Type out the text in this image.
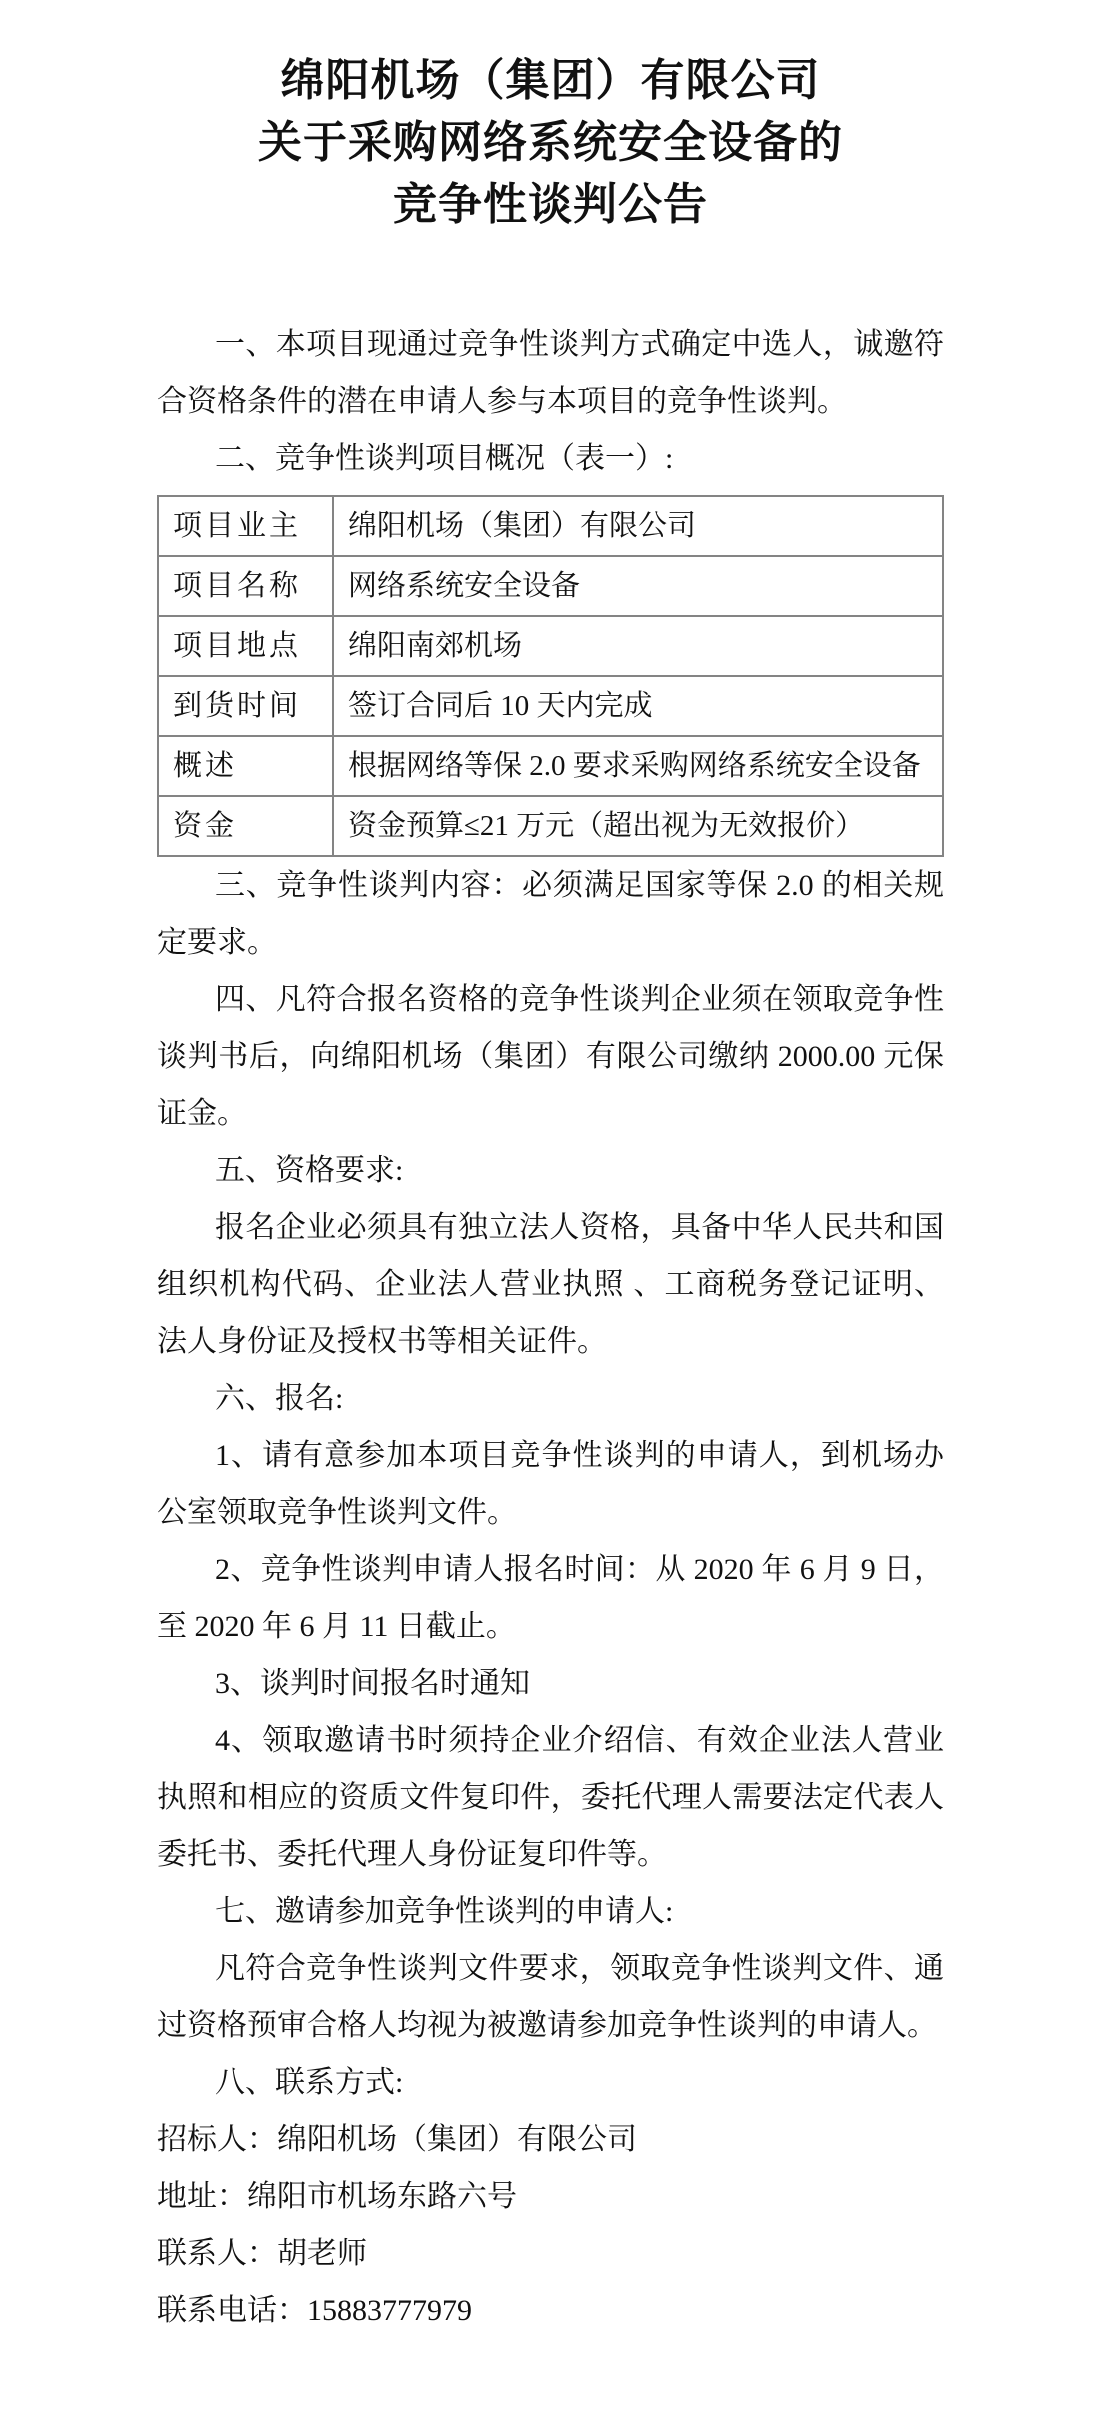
绵阳机场（集团）有限公司
关于采购网络系统安全设备的
竞争性谈判公告

一、本项目现通过竞争性谈判方式确定中选人，诚邀符合资格条件的潜在申请人参与本项目的竞争性谈判。

二、竞争性谈判项目概况（表一）:

项目业主	绵阳机场（集团）有限公司
项目名称	网络系统安全设备
项目地点	绵阳南郊机场
到货时间	签订合同后 10 天内完成
概述	根据网络等保 2.0 要求采购网络系统安全设备
资金	资金预算≤21 万元（超出视为无效报价）

三、竞争性谈判内容：必须满足国家等保 2.0 的相关规定要求。

四、凡符合报名资格的竞争性谈判企业须在领取竞争性谈判书后，向绵阳机场（集团）有限公司缴纳 2000.00 元保证金。

五、资格要求:

报名企业必须具有独立法人资格，具备中华人民共和国组织机构代码、企业法人营业执照 、工商税务登记证明、法人身份证及授权书等相关证件。

六、报名:

1、请有意参加本项目竞争性谈判的申请人，到机场办公室领取竞争性谈判文件。

2、竞争性谈判申请人报名时间：从 2020 年 6 月 9 日，至 2020 年 6 月 11 日截止。

3、谈判时间报名时通知

4、领取邀请书时须持企业介绍信、有效企业法人营业执照和相应的资质文件复印件，委托代理人需要法定代表人委托书、委托代理人身份证复印件等。

七、邀请参加竞争性谈判的申请人:

凡符合竞争性谈判文件要求，领取竞争性谈判文件、通过资格预审合格人均视为被邀请参加竞争性谈判的申请人。

八、联系方式:

招标人：绵阳机场（集团）有限公司

地址：绵阳市机场东路六号

联系人：胡老师

联系电话：15883777979
